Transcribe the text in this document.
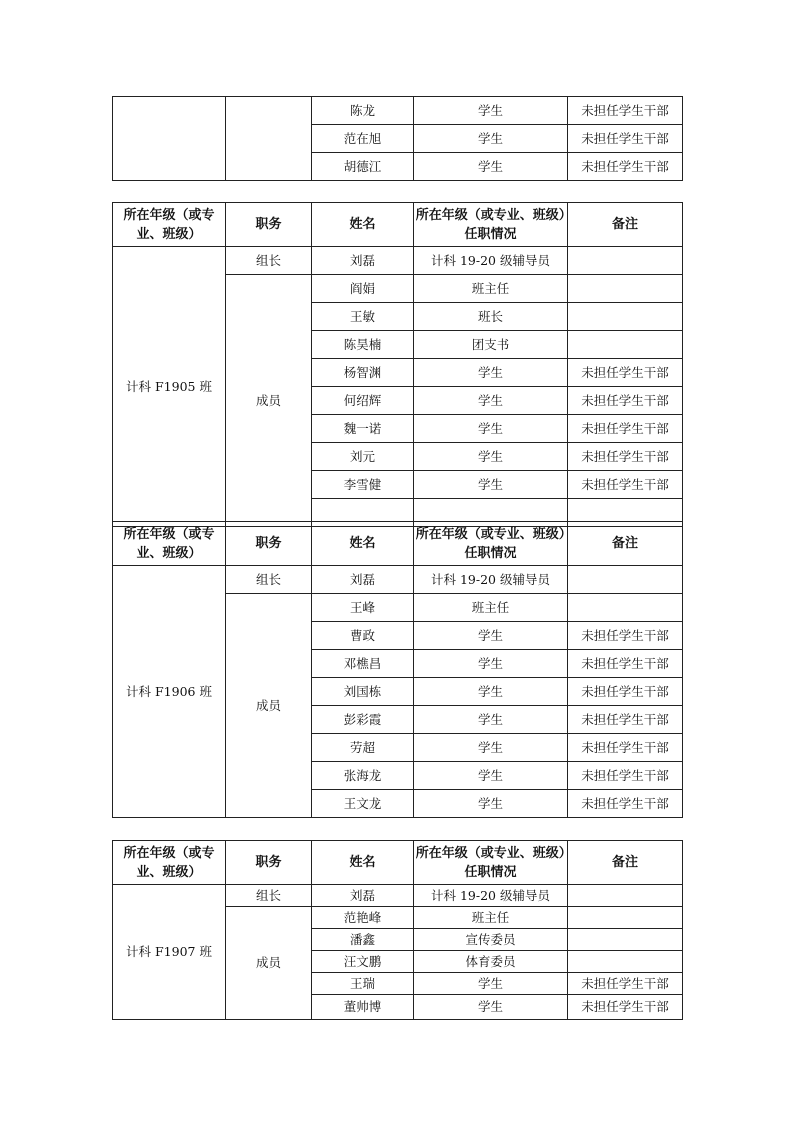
		陈龙	学生	未担任学生干部
		范在旭	学生	未担任学生干部
		胡德江	学生	未担任学生干部
所在年级（或专业、班级）	职务	姓名	所在年级（或专业、班级）任职情况	备注
计科 F1905 班	组长	刘磊	计科 19-20 级辅导员	
	成员	阎娟	班主任	
		王敏	班长	
		陈昊楠	团支书	
		杨智渊	学生	未担任学生干部
		何绍辉	学生	未担任学生干部
		魏一诺	学生	未担任学生干部
		刘元	学生	未担任学生干部
		李雪健	学生	未担任学生干部

所在年级（或专业、班级）	职务	姓名	所在年级（或专业、班级）任职情况	备注
计科 F1906 班	组长	刘磊	计科 19-20 级辅导员	
	成员	王峰	班主任	
		曹政	学生	未担任学生干部
		邓樵昌	学生	未担任学生干部
		刘国栋	学生	未担任学生干部
		彭彩霞	学生	未担任学生干部
		劳超	学生	未担任学生干部
		张海龙	学生	未担任学生干部
		王文龙	学生	未担任学生干部
所在年级（或专业、班级）	职务	姓名	所在年级（或专业、班级）任职情况	备注
计科 F1907 班	组长	刘磊	计科 19-20 级辅导员	
	成员	范艳峰	班主任	
		潘鑫	宣传委员	
		汪文鹏	体育委员	
		王瑞	学生	未担任学生干部
		董帅博	学生	未担任学生干部
